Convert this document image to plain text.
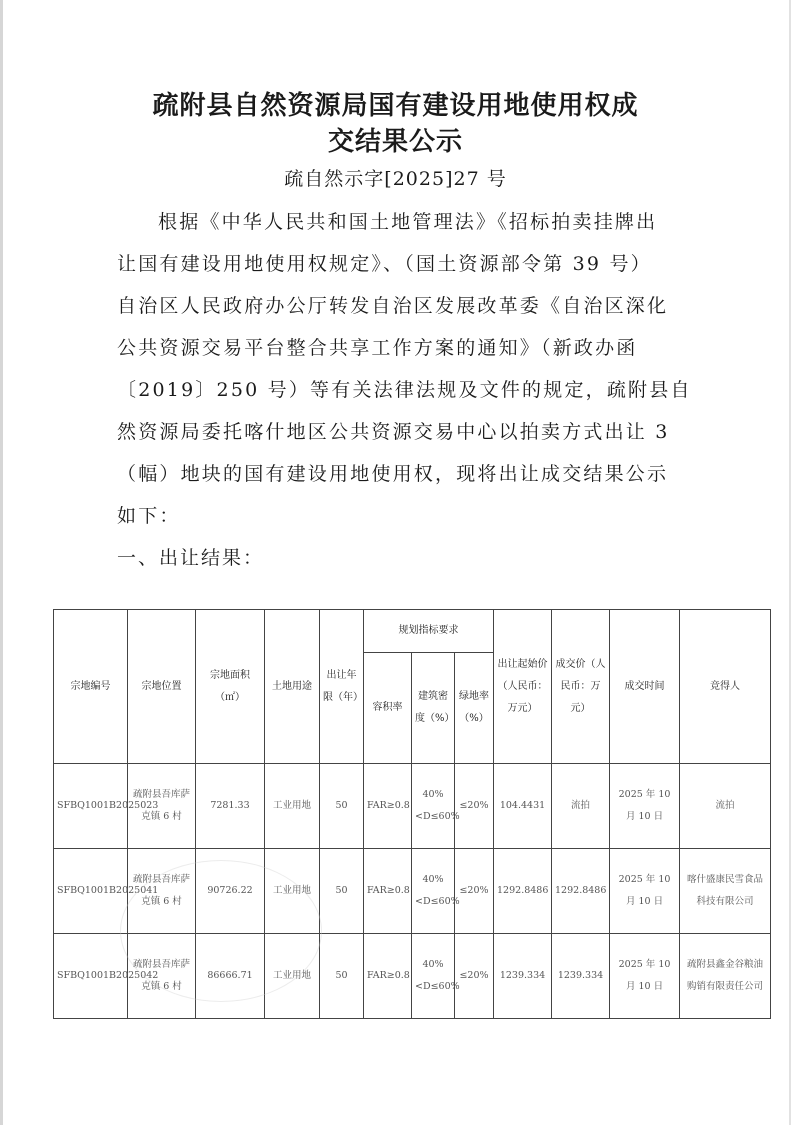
疏附县自然资源局国有建设用地使用权成
交结果公示
疏自然示字[2025]27 号
根据《中华人民共和国土地管理法》《招标拍卖挂牌出
让国有建设用地使用权规定》、（国土资源部令第 39 号）
自治区人民政府办公厅转发自治区发展改革委《自治区深化
公共资源交易平台整合共享工作方案的通知》（新政办函
〔2019〕250 号）等有关法律法规及文件的规定，疏附县自
然资源局委托喀什地区公共资源交易中心以拍卖方式出让 3
（幅）地块的国有建设用地使用权，现将出让成交结果公示
如下：
一、出让结果：
宗地编号	宗地位置	宗地面积（㎡）	土地用途	出让年限（年）	规划指标要求			出让起始价（人民币：万元）	成交价（人民币：万元）	成交时间	竞得人
					容积率	建筑密度（%）	绿地率（%）				
SFBQ1001B2025023	疏附县吾库萨克镇 6 村	7281.33	工业用地	50	FAR≥0.8	40%<D≤60%	≤20%	104.4431	流拍	2025 年 10 月 10 日	流拍
SFBQ1001B2025041	疏附县吾库萨克镇 6 村	90726.22	工业用地	50	FAR≥0.8	40%<D≤60%	≤20%	1292.8486	1292.8486	2025 年 10 月 10 日	喀什盛康民雪食品科技有限公司
SFBQ1001B2025042	疏附县吾库萨克镇 6 村	86666.71	工业用地	50	FAR≥0.8	40%<D≤60%	≤20%	1239.334	1239.334	2025 年 10 月 10 日	疏附县鑫金谷粮油购销有限责任公司
